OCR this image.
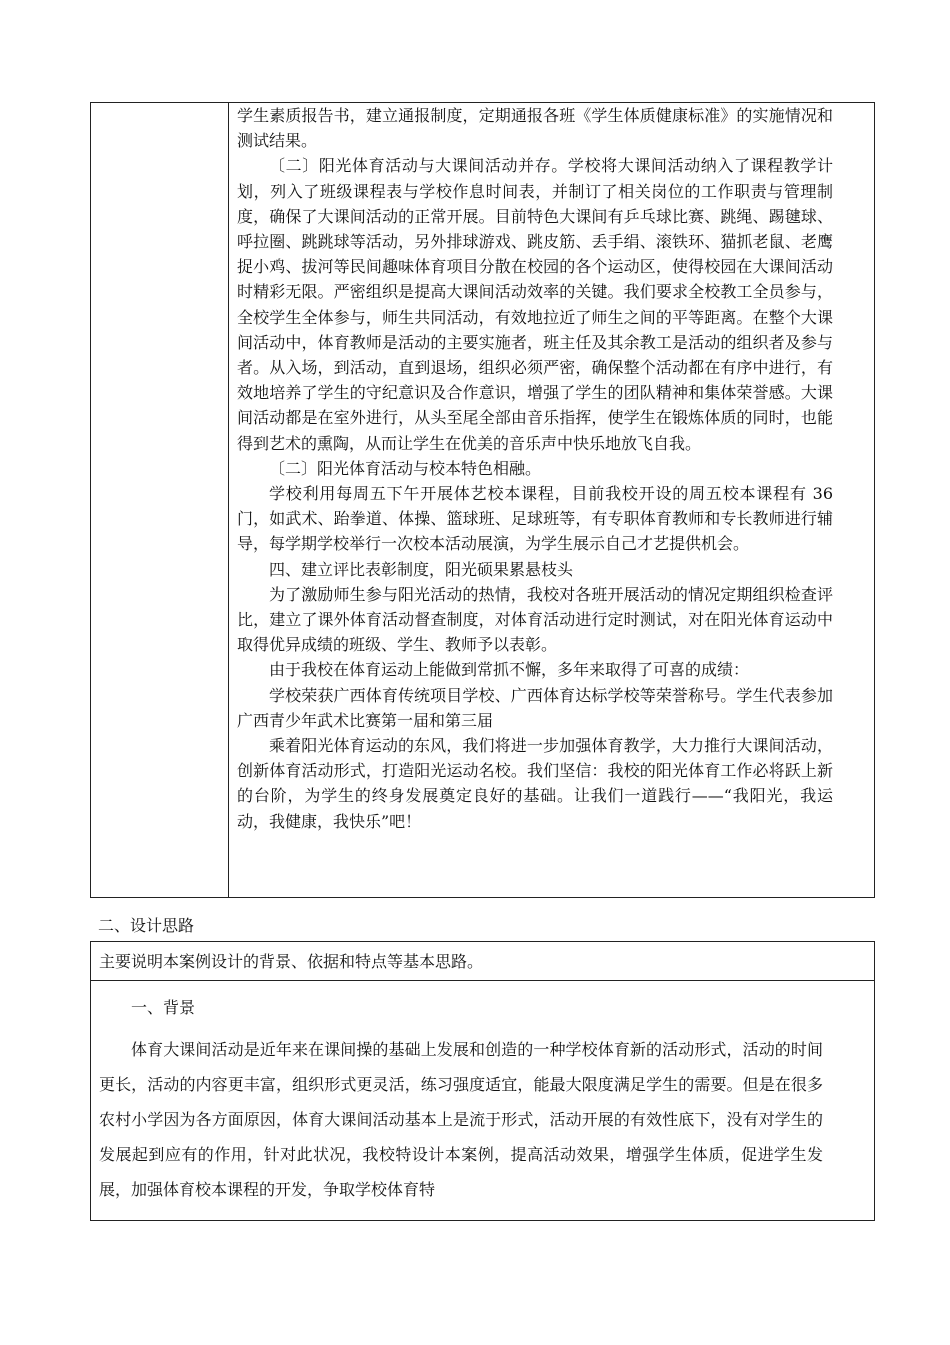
学生素质报告书，建立通报制度，定期通报各班《学生体质健康标准》的实施情况和测试结果。

〔二〕阳光体育活动与大课间活动并存。学校将大课间活动纳入了课程教学计划，列入了班级课程表与学校作息时间表，并制订了相关岗位的工作职责与管理制度，确保了大课间活动的正常开展。目前特色大课间有乒乓球比赛、跳绳、踢毽球、呼拉圈、跳跳球等活动，另外排球游戏、跳皮筋、丢手绢、滚铁环、猫抓老鼠、老鹰捉小鸡、拔河等民间趣味体育项目分散在校园的各个运动区，使得校园在大课间活动时精彩无限。严密组织是提高大课间活动效率的关键。我们要求全校教工全员参与，全校学生全体参与，师生共同活动，有效地拉近了师生之间的平等距离。在整个大课间活动中，体育教师是活动的主要实施者，班主任及其余教工是活动的组织者及参与者。从入场，到活动，直到退场，组织必须严密，确保整个活动都在有序中进行，有效地培养了学生的守纪意识及合作意识，增强了学生的团队精神和集体荣誉感。大课间活动都是在室外进行，从头至尾全部由音乐指挥，使学生在锻炼体质的同时，也能得到艺术的熏陶，从而让学生在优美的音乐声中快乐地放飞自我。

〔二〕阳光体育活动与校本特色相融。

学校利用每周五下午开展体艺校本课程，目前我校开设的周五校本课程有 36 门，如武术、跆拳道、体操、篮球班、足球班等，有专职体育教师和专长教师进行辅导，每学期学校举行一次校本活动展演，为学生展示自己才艺提供机会。

四、建立评比表彰制度，阳光硕果累悬枝头

为了激励师生参与阳光活动的热情，我校对各班开展活动的情况定期组织检查评比，建立了课外体育活动督查制度，对体育活动进行定时测试，对在阳光体育运动中取得优异成绩的班级、学生、教师予以表彰。

由于我校在体育运动上能做到常抓不懈，多年来取得了可喜的成绩：

学校荣获广西体育传统项目学校、广西体育达标学校等荣誉称号。学生代表参加广西青少年武术比赛第一届和第三届

乘着阳光体育运动的东风，我们将进一步加强体育教学，大力推行大课间活动，创新体育活动形式，打造阳光运动名校。我们坚信：我校的阳光体育工作必将跃上新的台阶，为学生的终身发展奠定良好的基础。让我们一道践行——“我阳光，我运动，我健康，我快乐”吧！

二、设计思路

主要说明本案例设计的背景、依据和特点等基本思路。

一、背景

体育大课间活动是近年来在课间操的基础上发展和创造的一种学校体育新的活动形式，活动的时间更长，活动的内容更丰富，组织形式更灵活，练习强度适宜，能最大限度满足学生的需要。但是在很多农村小学因为各方面原因，体育大课间活动基本上是流于形式，活动开展的有效性底下，没有对学生的发展起到应有的作用，针对此状况，我校特设计本案例，提高活动效果，增强学生体质，促进学生发展，加强体育校本课程的开发，争取学校体育特
